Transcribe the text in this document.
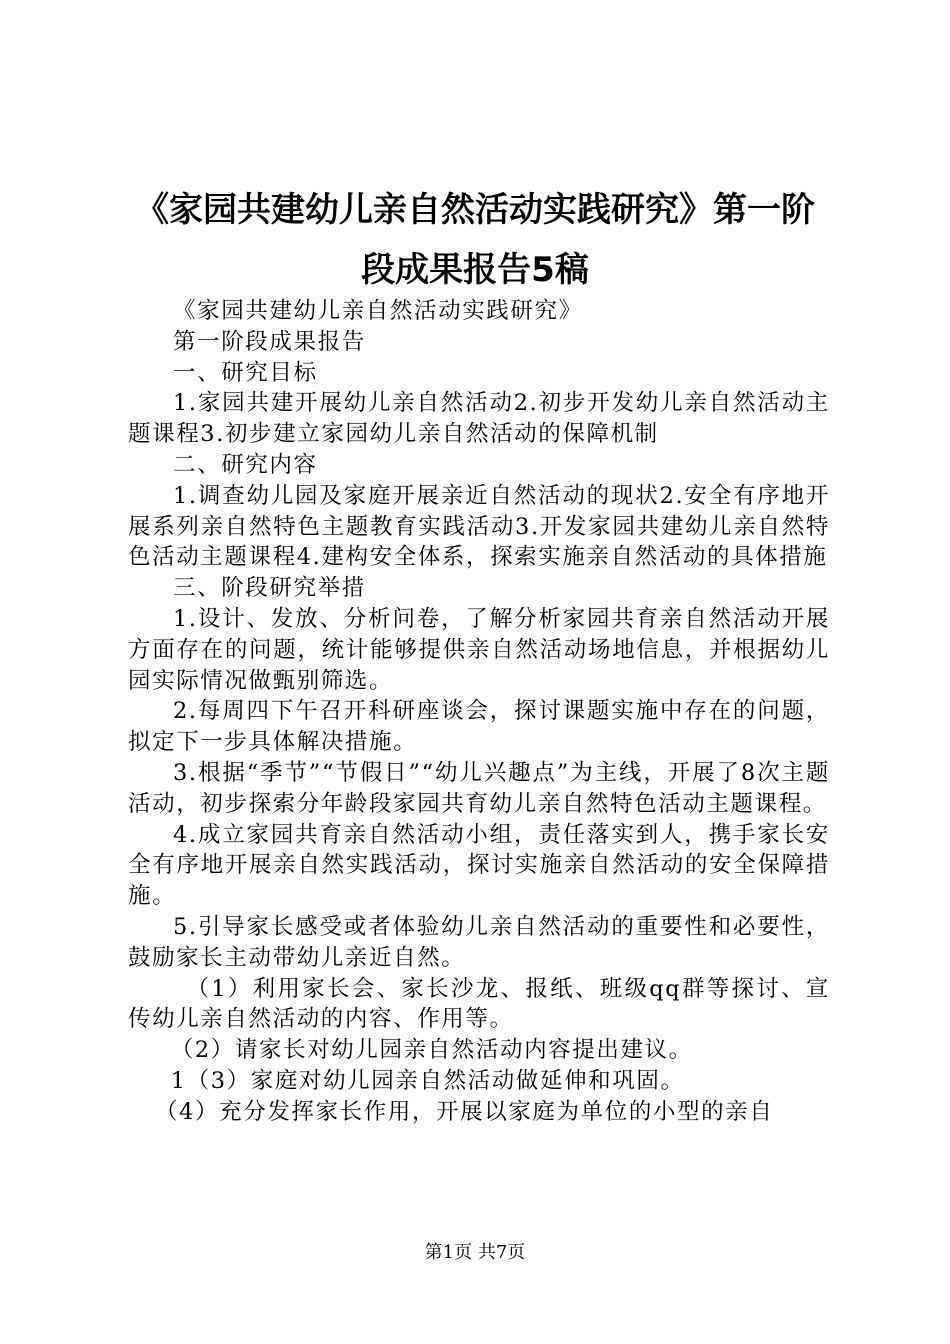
《家园共建幼儿亲自然活动实践研究》第一阶
段成果报告5稿

《家园共建幼儿亲自然活动实践研究》

第一阶段成果报告

一、研究目标

1.家园共建开展幼儿亲自然活动2.初步开发幼儿亲自然活动主题课程3.初步建立家园幼儿亲自然活动的保障机制

二、研究内容

1.调查幼儿园及家庭开展亲近自然活动的现状2.安全有序地开展系列亲自然特色主题教育实践活动3.开发家园共建幼儿亲自然特色活动主题课程4.建构安全体系，探索实施亲自然活动的具体措施

三、阶段研究举措

1.设计、发放、分析问卷，了解分析家园共育亲自然活动开展方面存在的问题，统计能够提供亲自然活动场地信息，并根据幼儿园实际情况做甄别筛选。

2.每周四下午召开科研座谈会，探讨课题实施中存在的问题，拟定下一步具体解决措施。

3.根据“季节”“节假日”“幼儿兴趣点”为主线，开展了8次主题活动，初步探索分年龄段家园共育幼儿亲自然特色活动主题课程。

4.成立家园共育亲自然活动小组，责任落实到人，携手家长安全有序地开展亲自然实践活动，探讨实施亲自然活动的安全保障措施。

5.引导家长感受或者体验幼儿亲自然活动的重要性和必要性，鼓励家长主动带幼儿亲近自然。

（1）利用家长会、家长沙龙、报纸、班级qq群等探讨、宣传幼儿亲自然活动的内容、作用等。

（2）请家长对幼儿园亲自然活动内容提出建议。

1（3）家庭对幼儿园亲自然活动做延伸和巩固。

（4）充分发挥家长作用，开展以家庭为单位的小型的亲自

第1页 共7页
